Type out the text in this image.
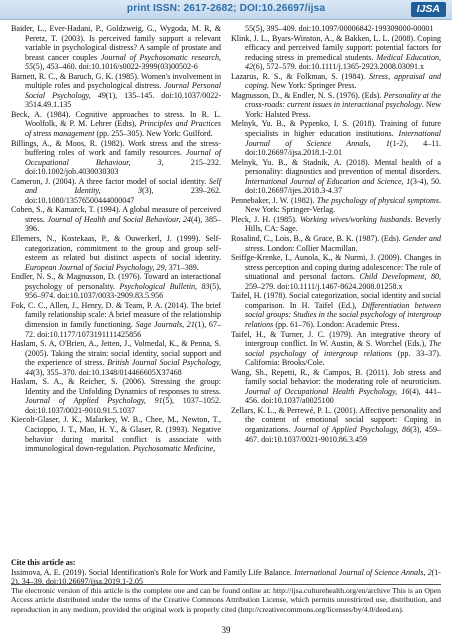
print ISSN: 2617-2682; DOI:10.26697/ijsa	IJSA

Baider, L., Ever-Hadani, P., Goldzweig, G., Wygoda, M. R, & Peretz, T. (2003). Is perceived family support a relevant variable in psychological distress? A sample of prostate and breast cancer couples Journal of Psychosomatic research, 55(5), 453–460. doi:10.1016/s0022-3999(03)00502-6

Barnett, R. C., & Baruch, G. K. (1985). Women's involvement in multiple roles and psychological distress. Journal Personal Social Psychology, 49(1), 135–145. doi:10.1037/0022-3514.49.1.135

Beck, A. (1984). Cognitive approaches to stress. In R. L. Woolfolk, & P. M. Lehrer (Edts), Principles and Practices of stress management (pp. 255–305). New York: Guilford.

Billings, A., & Moos, R. (1982). Work stress and the stress-buffering roles of work and family resources. Journal of Occupational Behaviour, 3, 215–232. doi:10.1002/job.4030030303

Cameron, J. (2004). A three factor model of social identity. Self and Identity, 3(3), 239–262. doi:10.1080/13576500444000047

Cohen, S., & Kamarck, T. (1994). A global measure of perceived stress. Journal of Health and Social Behaviour, 24(4), 385–396.

Ellemers, N., Kostekaas, P., & Ouwerkerl, J. (1999). Self-categorization, commitment to the group and group self-esteem as related but distinct aspects of social identity. European Journal of Social Psychology, 29, 371–389.

Endler, N. S., & Magnusson, D. (1976). Toward an interactional psychology of personality. Psychological Bulletin, 83(5), 956–974. doi:10.1037/0033-2909.83.5.956

Fok, C. C., Allen, J., Henry, D. & Team, P. A. (2014). The brief family relationship scale: A brief measure of the relationship dimension in family functioning. Sage Journals, 21(1), 67–72. doi:10.1177/1073191111425856

Haslam, S. A, O'Brien, A., Jetten, J., Volmedal, K., & Penna, S. (2005). Taking the strain: social identity, social support and the experience of stress. British Journal Social Psychology, 44(3), 355–370. doi:10.1348/014466605X37468

Haslam, S. A., & Reicher, S. (2006). Stressing the group: Identity and the Unfolding Dynamics of responses to stress. Journal of Applied Psychology, 91(5), 1037–1052. doi:10.1037/0021-9010.91.5.1037

Kiecolt-Glaser, J. K., Malarkey, W. B., Chee, M., Newton, T., Cacioppo, J. T., Mao, H. Y., & Glaser, R. (1993). Negative behavior during marital conflict is associate with immunological down-regulation. Psychosomatic Medicine,

55(5), 395–409. doi:10.1097/00006842-199309000-00001

Klink, J. L., Byars-Winston, A., & Bakken, L. L. (2008). Coping efficacy and perceived family support: potential factors for reducing stress in premedical students. Medical Education, 42(6), 572–579. doi:10.1111/j.1365-2923.2008.03091.x

Lazarus, R. S., & Folkman, S. (1984). Stress, appraisal and coping. New York: Springer Press.

Magnusson, D., & Endler, N. S. (1976). (Eds). Personality at the cross-roads: current issues in interactional psychology. New York: Halsted Press.

Melnyk, Yu. B., & Pypenko, I. S. (2018). Training of future specialists in higher education institutions. International Journal of Science Annals, 1(1-2), 4–11. doi:10.26697/ijsa.2018.1-2.01

Melnyk, Yu. B., & Stadnik, A. (2018). Mental health of a personality: diagnostics and prevention of mental disorders. International Journal of Education and Science, 1(3-4), 50. doi:10.26697/ijes.2018.3-4.37

Pennebaker, J. W. (1982). The psychology of physical symptoms. New York: Springer-Verlag.

Pleck, J. H. (1985). Working wives/working husbands. Beverly Hills, CA: Sage.

Rosalind, C., Lois, B., & Grace, B. K. (1987). (Eds). Gender and stress. London: Collier Macmillan.

Seiffge-Krenke, I., Aunola, K., & Nurmi, J. (2009). Changes in stress perception and coping during adolescence: The role of situational and personal factors. Child Development, 80, 259–279. doi:10.1111/j.1467-8624.2008.01258.x

Taifel, H. (1978). Social categorization, social identity and social comparison. In H. Taifel (Ed.), Differentiation between social groups: Studies in the social psychology of intergroup relations (pp. 61–76). London: Academic Press.

Taifel, H., & Turner, J. C. (1979). An integrative theory of intergroup conflict. In W. Austin, & S. Worchel (Eds.), The social psychology of intergroup relations (pp. 33–37). California: Brooks/Cole.

Wang, Sh., Repetti, R., & Campos, B. (2011). Job stress and family social behavior: the moderating role of neuroticism. Journal of Occupational Health Psychology, 16(4), 441–456. doi:10.1037/a0025100

Zellars, K. L., & Perrewé, P. L. (2001). Affective personality and the content of emotional social support: Coping in organizations. Journal of Applied Psychology, 86(3), 459–467. doi:10.1037/0021-9010.86.3.459

Cite this article as:

Issimova, A. E. (2019). Social Identification's Role for Work and Family Life Balance. International Journal of Science Annals, 2(1-2), 34–39. doi:10.26697/ijsa.2019.1-2.05

The electronic version of this article is the complete one and can be found online at: http://ijsa.culturehealth.org/en/archive This is an Open Access article distributed under the terms of the Creative Commons Attribution License, which permits unrestricted use, distribution, and reproduction in any medium, provided the original work is properly cited (http://creativecommons.org/licenses/by/4.0/deed.en).

39
